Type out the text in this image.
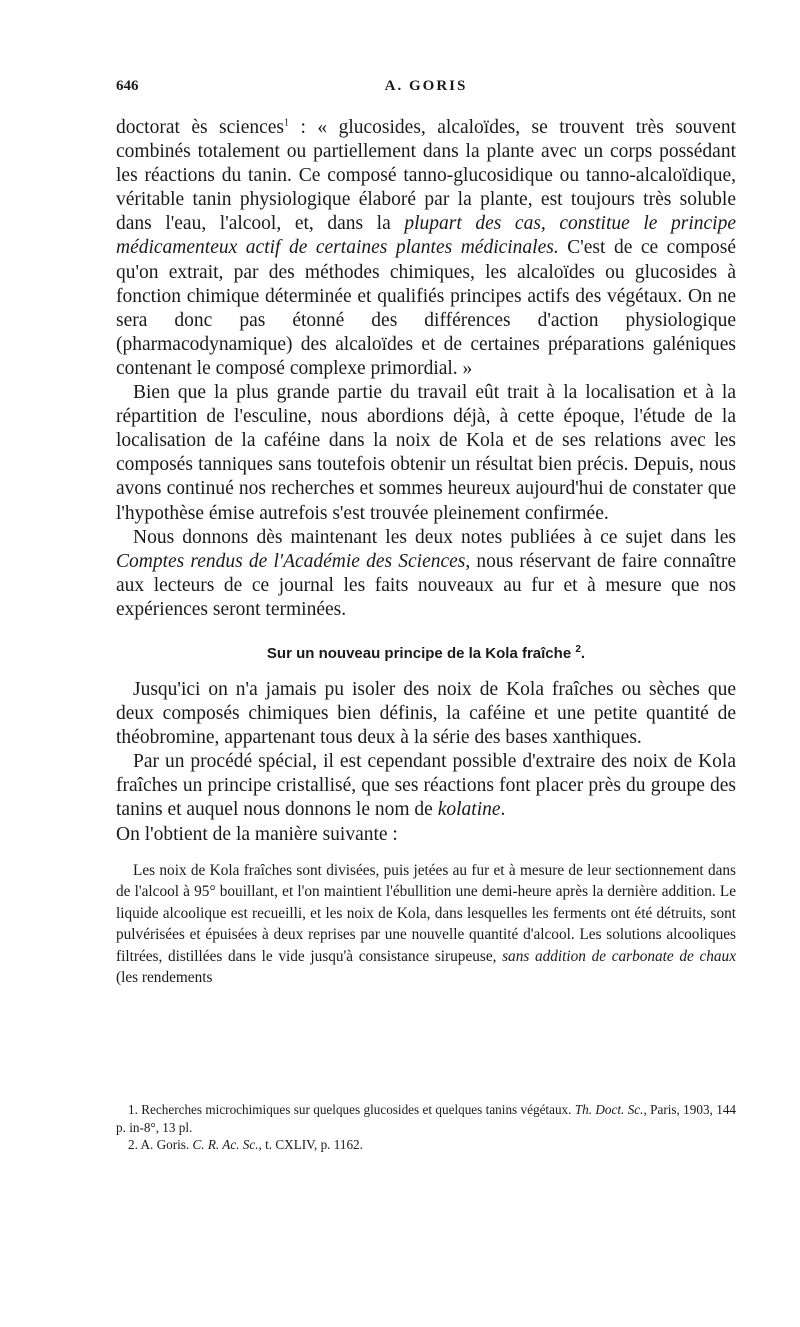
646	A. GORIS

doctorat ès sciences$^1$ : « glucosides, alcaloïdes, se trouvent très souvent combinés totalement ou partiellement dans la plante avec un corps possédant les réactions du tanin. Ce composé tanno-glucosidique ou tanno-alcaloïdique, véritable tanin physiologique élaboré par la plante, est toujours très soluble dans l'eau, l'alcool, et, dans la plupart des cas, constitue le principe médicamenteux actif de certaines plantes médicinales. C'est de ce composé qu'on extrait, par des méthodes chimiques, les alcaloïdes ou glucosides à fonction chimique déterminée et qualifiés principes actifs des végétaux. On ne sera donc pas étonné des différences d'action physiologique (pharmacodynamique) des alcaloïdes et de certaines préparations galéniques contenant le composé complexe primordial. »

Bien que la plus grande partie du travail eût trait à la localisation et à la répartition de l'esculine, nous abordions déjà, à cette époque, l'étude de la localisation de la caféine dans la noix de Kola et de ses relations avec les composés tanniques sans toutefois obtenir un résultat bien précis. Depuis, nous avons continué nos recherches et sommes heureux aujourd'hui de constater que l'hypothèse émise autrefois s'est trouvée pleinement confirmée.

Nous donnons dès maintenant les deux notes publiées à ce sujet dans les Comptes rendus de l'Académie des Sciences, nous réservant de faire connaître aux lecteurs de ce journal les faits nouveaux au fur et à mesure que nos expériences seront terminées.

Sur un nouveau principe de la Kola fraîche $^2$.

Jusqu'ici on n'a jamais pu isoler des noix de Kola fraîches ou sèches que deux composés chimiques bien définis, la caféine et une petite quantité de théobromine, appartenant tous deux à la série des bases xanthiques.

Par un procédé spécial, il est cependant possible d'extraire des noix de Kola fraîches un principe cristallisé, que ses réactions font placer près du groupe des tanins et auquel nous donnons le nom de kolatine.

On l'obtient de la manière suivante :

Les noix de Kola fraîches sont divisées, puis jetées au fur et à mesure de leur sectionnement dans de l'alcool à 95° bouillant, et l'on maintient l'ébullition une demi-heure après la dernière addition. Le liquide alcoolique est recueilli, et les noix de Kola, dans lesquelles les ferments ont été détruits, sont pulvérisées et épuisées à deux reprises par une nouvelle quantité d'alcool. Les solutions alcooliques filtrées, distillées dans le vide jusqu'à consistance sirupeuse, sans addition de carbonate de chaux (les rendements

1. Recherches microchimiques sur quelques glucosides et quelques tanins végétaux. Th. Doct. Sc., Paris, 1903, 144 p. in-8°, 13 pl.

2. A. Goris. C. R. Ac. Sc., t. CXLIV, p. 1162.
